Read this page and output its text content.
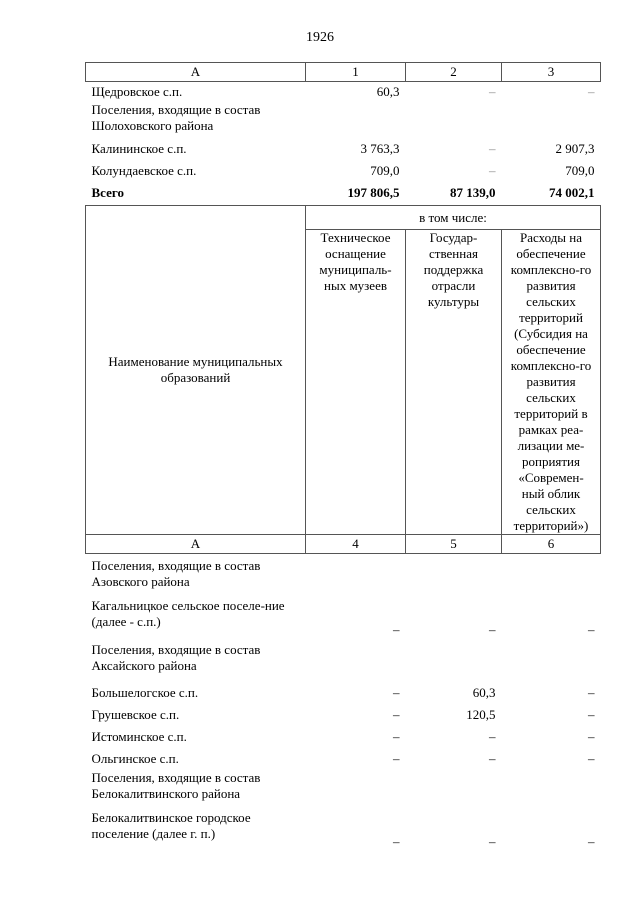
1926
А	1	2	3
Щедровское с.п.	60,3	–	–
Поселения, входящие в состав Шолоховского района			
Калининское с.п.	3 763,3	–	2 907,3
Колундаевское с.п.	709,0	–	709,0
Всего	197 806,5	87 139,0	74 002,1
Наименование муниципальных образований	в том числе:		
	Техническое оснащение муниципаль-ных музеев	Государ-ственная поддержка отрасли культуры	Расходы на обеспечение комплексно-го развития сельских территорий (Субсидия на обеспечение комплексно-го развития сельских территорий в рамках реа-лизации ме-роприятия «Современ-ный облик сельских территорий»)
А	4	5	6
Поселения, входящие в состав Азовского района			
Кагальницкое сельское поселе-ние (далее - с.п.)	–	–	–
Поселения, входящие в состав Аксайского района			
Большелогское с.п.	–	60,3	–
Грушевское с.п.	–	120,5	–
Истоминское с.п.	–	–	–
Ольгинское с.п.	–	–	–
Поселения, входящие в состав Белокалитвинского района			
Белокалитвинское городское поселение (далее г. п.)	–	–	–
